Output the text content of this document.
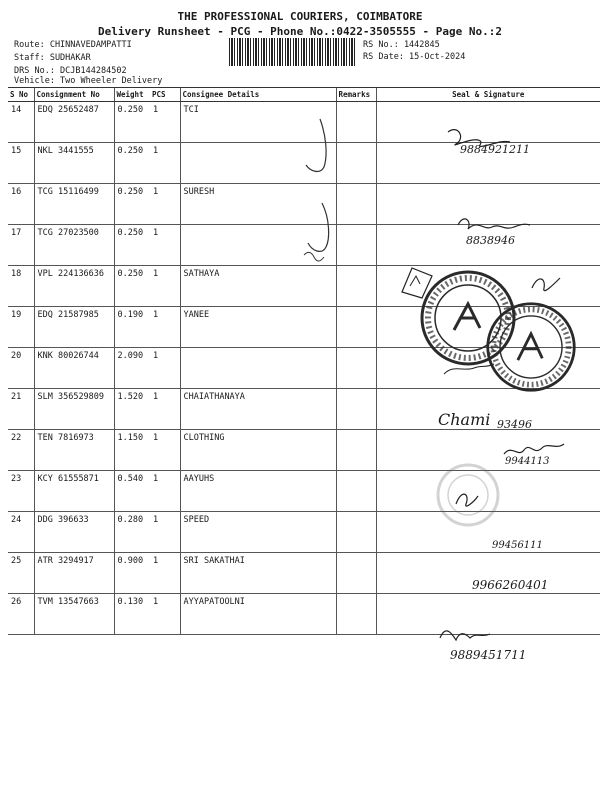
THE PROFESSIONAL COURIERS, COIMBATORE
Delivery Runsheet - PCG - Phone No.:0422-3505555 - Page No.:2
Route: CHINNAVEDAMPATTI
Staff: SUDHAKAR
DRS No.: DCJB144284502
Vehicle: Two Wheeler Delivery
RS No.: 1442845
RS Date: 15-Oct-2024
S No	Consignment No	Weight	PCS	Consignee Details	Remarks	Seal & Signature
14	EDQ 25652487	0.250	1	TCI		
15	NKL 3441555	0.250	1			
16	TCG 15116499	0.250	1	SURESH		
17	TCG 27023500	0.250	1			
18	VPL 224136636	0.250	1	SATHAYA		
19	EDQ 21587985	0.190	1	YANEE		
20	KNK 80026744	2.090	1			
21	SLM 356529809	1.520	1	CHAIATHANAYA		
22	TEN 7816973	1.150	1	CLOTHING		
23	KCY 61555871	0.540	1	AAYUHS		
24	DDG 396633	0.280	1	SPEED		
25	ATR 3294917	0.900	1	SRI SAKATHAI		
26	TVM 13547663	0.130	1	AYYAPATOOLNI		
9884921211
8838946
Chami 93496
9944113
99456111
9966260401
9889451711
